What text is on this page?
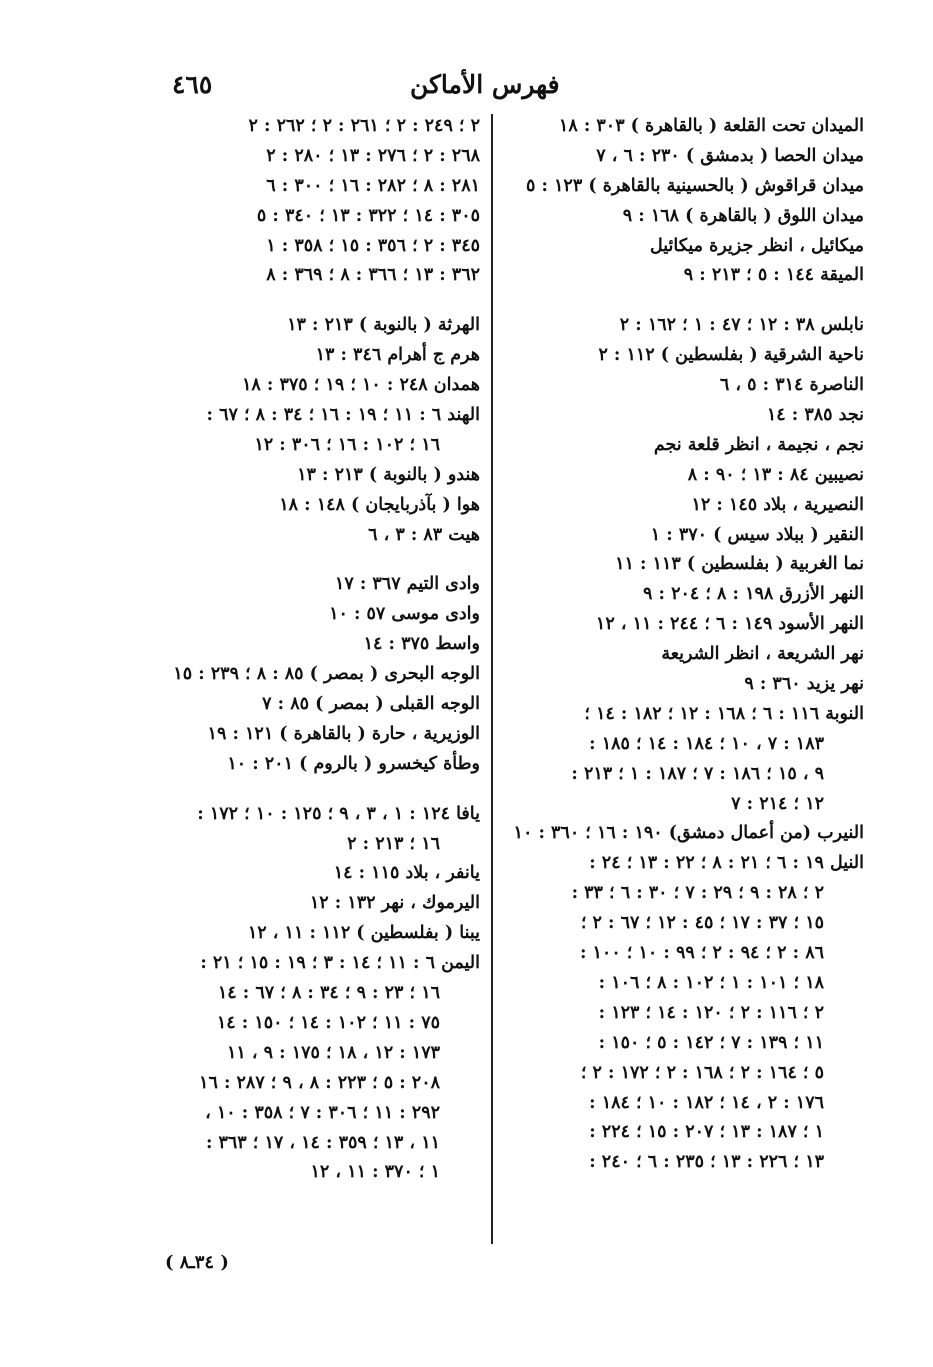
فهرس الأماكن
٤٦٥
الميدان تحت القلعة ( بالقاهرة ) ٣٠٣ : ١٨
ميدان الحصا ( بدمشق ) ٢٣٠ : ٦ ، ٧
ميدان قراقوش ( بالحسينية بالقاهرة ) ١٢٣ : ٥
ميدان اللوق ( بالقاهرة ) ١٦٨ : ٩
ميكائيل ، انظر جزيرة ميكائيل
الميقة ١٤٤ : ٥ ؛ ٢١٣ : ٩
نابلس ٣٨ : ١٢ ؛ ٤٧ : ١ ؛ ١٦٢ : ٢
ناحية الشرقية ( بفلسطين ) ١١٢ : ٢
الناصرة ٣١٤ : ٥ ، ٦
نجد ٣٨٥ : ١٤
نجم ، نجيمة ، انظر قلعة نجم
نصيبين ٨٤ : ١٣ ؛ ٩٠ : ٨
النصيرية ، بلاد ١٤٥ : ١٢
النقير ( ببلاد سيس ) ٣٧٠ : ١
نما الغربية ( بفلسطين ) ١١٣ : ١١
النهر الأزرق ١٩٨ : ٨ ؛ ٢٠٤ : ٩
النهر الأسود ١٤٩ : ٦ ؛ ٢٤٤ : ١١ ، ١٢
نهر الشريعة ، انظر الشريعة
نهر يزيد ٣٦٠ : ٩
النوبة ١١٦ : ٦ ؛ ١٦٨ : ١٢ ؛ ١٨٢ : ١٤ ؛
١٨٣ : ٧ ، ١٠ ؛ ١٨٤ : ١٤ ؛ ١٨٥ :
٩ ، ١٥ ؛ ١٨٦ : ٧ ؛ ١٨٧ : ١ ؛ ٢١٣ :
١٢ ؛ ٢١٤ : ٧
النيرب (من أعمال دمشق) ١٩٠ : ١٦ ؛ ٣٦٠ : ١٠
النيل ١٩ : ٦ ؛ ٢١ : ٨ ؛ ٢٢ : ١٣ ؛ ٢٤ :
٢ ؛ ٢٨ : ٩ ؛ ٢٩ : ٧ ؛ ٣٠ : ٦ ؛ ٣٣ :
١٥ ؛ ٣٧ : ١٧ ؛ ٤٥ : ١٢ ؛ ٦٧ : ٢ ؛
٨٦ : ٢ ؛ ٩٤ : ٢ ؛ ٩٩ : ١٠ ؛ ١٠٠ :
١٨ ؛ ١٠١ : ١ ؛ ١٠٢ : ٨ ؛ ١٠٦ :
٢ ؛ ١١٦ : ٢ ؛ ١٢٠ : ١٤ ؛ ١٢٣ :
١١ ؛ ١٣٩ : ٧ ؛ ١٤٢ : ٥ ؛ ١٥٠ :
٥ ؛ ١٦٤ : ٢ ؛ ١٦٨ : ٢ ؛ ١٧٢ : ٢ ؛
١٧٦ : ٢ ، ١٤ ؛ ١٨٢ : ١٠ ؛ ١٨٤ :
١ ؛ ١٨٧ : ١٣ ؛ ٢٠٧ : ١٥ ؛ ٢٢٤ :
١٣ ؛ ٢٢٦ : ١٣ ؛ ٢٣٥ : ٦ ؛ ٢٤٠ :
٢ ؛ ٢٤٩ : ٢ ؛ ٢٦١ : ٢ ؛ ٢٦٢ : ٢
٢٦٨ : ٢ ؛ ٢٧٦ : ١٣ ؛ ٢٨٠ : ٢
٢٨١ : ٨ ؛ ٢٨٢ : ١٦ ؛ ٣٠٠ : ٦
٣٠٥ : ١٤ ؛ ٣٢٢ : ١٣ ؛ ٣٤٠ : ٥
٣٤٥ : ٢ ؛ ٣٥٦ : ١٥ ؛ ٣٥٨ : ١
٣٦٢ : ١٣ ؛ ٣٦٦ : ٨ ؛ ٣٦٩ : ٨
الهرثة ( بالنوبة ) ٢١٣ : ١٣
هرم ج أهرام ٣٤٦ : ١٣
همدان ٢٤٨ : ١٠ ؛ ١٩ ؛ ٣٧٥ : ١٨
الهند ٦ : ١١ ؛ ١٩ : ١٦ ؛ ٣٤ : ٨ ؛ ٦٧ :
١٦ ؛ ١٠٢ : ١٦ ؛ ٣٠٦ : ١٢
هندو ( بالنوبة ) ٢١٣ : ١٣
هوا ( بآذربايجان ) ١٤٨ : ١٨
هيت ٨٣ : ٣ ، ٦
وادى التيم ٣٦٧ : ١٧
وادى موسى ٥٧ : ١٠
واسط ٣٧٥ : ١٤
الوجه البحرى ( بمصر ) ٨٥ : ٨ ؛ ٢٣٩ : ١٥
الوجه القبلى ( بمصر ) ٨٥ : ٧
الوزيرية ، حارة ( بالقاهرة ) ١٢١ : ١٩
وطأة كيخسرو ( بالروم ) ٢٠١ : ١٠
يافا ١٢٤ : ١ ، ٣ ، ٩ ؛ ١٢٥ : ١٠ ؛ ١٧٢ :
١٦ ؛ ٢١٣ : ٢
يانفر ، بلاد ١١٥ : ١٤
اليرموك ، نهر ١٣٢ : ١٢
يبنا ( بفلسطين ) ١١٢ : ١١ ، ١٢
اليمن ٦ : ١١ ؛ ١٤ : ٣ ؛ ١٩ : ١٥ ؛ ٢١ :
١٦ ؛ ٢٣ : ٩ ؛ ٣٤ : ٨ ؛ ٦٧ : ١٤
٧٥ : ١١ ؛ ١٠٢ : ١٤ ؛ ١٥٠ : ١٤
١٧٣ : ١٢ ، ١٨ ؛ ١٧٥ : ٩ ، ١١
٢٠٨ : ٥ ؛ ٢٢٣ : ٨ ، ٩ ؛ ٢٨٧ : ١٦
٢٩٢ : ١١ ؛ ٣٠٦ : ٧ ؛ ٣٥٨ : ١٠ ،
١١ ، ١٣ ؛ ٣٥٩ : ١٤ ، ١٧ ؛ ٣٦٣ :
١ ؛ ٣٧٠ : ١١ ، ١٢
( ٣٤ـ٨ )
